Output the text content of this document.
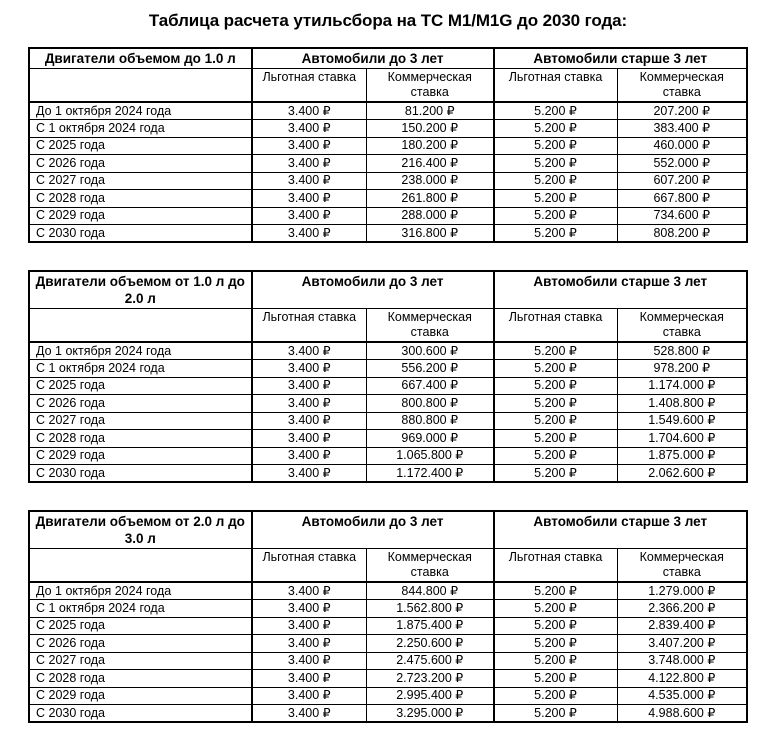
Таблица расчета утильсбора на ТС М1/М1G до 2030 года:

Двигатели объемом до 1.0 л	Автомобили до 3 лет		Автомобили старше 3 лет	
	Льготная ставка	Коммерческая ставка	Льготная ставка	Коммерческая ставка
До 1 октября 2024 года	3.400 ₽	81.200 ₽	5.200 ₽	207.200 ₽
С 1 октября 2024 года	3.400 ₽	150.200 ₽	5.200 ₽	383.400 ₽
С 2025 года	3.400 ₽	180.200 ₽	5.200 ₽	460.000 ₽
С 2026 года	3.400 ₽	216.400 ₽	5.200 ₽	552.000 ₽
С 2027 года	3.400 ₽	238.000 ₽	5.200 ₽	607.200 ₽
С 2028 года	3.400 ₽	261.800 ₽	5.200 ₽	667.800 ₽
С 2029 года	3.400 ₽	288.000 ₽	5.200 ₽	734.600 ₽
С 2030 года	3.400 ₽	316.800 ₽	5.200 ₽	808.200 ₽
Двигатели объемом от 1.0 л до 2.0 л	Автомобили до 3 лет		Автомобили старше 3 лет	
	Льготная ставка	Коммерческая ставка	Льготная ставка	Коммерческая ставка
До 1 октября 2024 года	3.400 ₽	300.600 ₽	5.200 ₽	528.800 ₽
С 1 октября 2024 года	3.400 ₽	556.200 ₽	5.200 ₽	978.200 ₽
С 2025 года	3.400 ₽	667.400 ₽	5.200 ₽	1.174.000 ₽
С 2026 года	3.400 ₽	800.800 ₽	5.200 ₽	1.408.800 ₽
С 2027 года	3.400 ₽	880.800 ₽	5.200 ₽	1.549.600 ₽
С 2028 года	3.400 ₽	969.000 ₽	5.200 ₽	1.704.600 ₽
С 2029 года	3.400 ₽	1.065.800 ₽	5.200 ₽	1.875.000 ₽
С 2030 года	3.400 ₽	1.172.400 ₽	5.200 ₽	2.062.600 ₽
Двигатели объемом от 2.0 л до 3.0 л	Автомобили до 3 лет		Автомобили старше 3 лет	
	Льготная ставка	Коммерческая ставка	Льготная ставка	Коммерческая ставка
До 1 октября 2024 года	3.400 ₽	844.800 ₽	5.200 ₽	1.279.000 ₽
С 1 октября 2024 года	3.400 ₽	1.562.800 ₽	5.200 ₽	2.366.200 ₽
С 2025 года	3.400 ₽	1.875.400 ₽	5.200 ₽	2.839.400 ₽
С 2026 года	3.400 ₽	2.250.600 ₽	5.200 ₽	3.407.200 ₽
С 2027 года	3.400 ₽	2.475.600 ₽	5.200 ₽	3.748.000 ₽
С 2028 года	3.400 ₽	2.723.200 ₽	5.200 ₽	4.122.800 ₽
С 2029 года	3.400 ₽	2.995.400 ₽	5.200 ₽	4.535.000 ₽
С 2030 года	3.400 ₽	3.295.000 ₽	5.200 ₽	4.988.600 ₽
